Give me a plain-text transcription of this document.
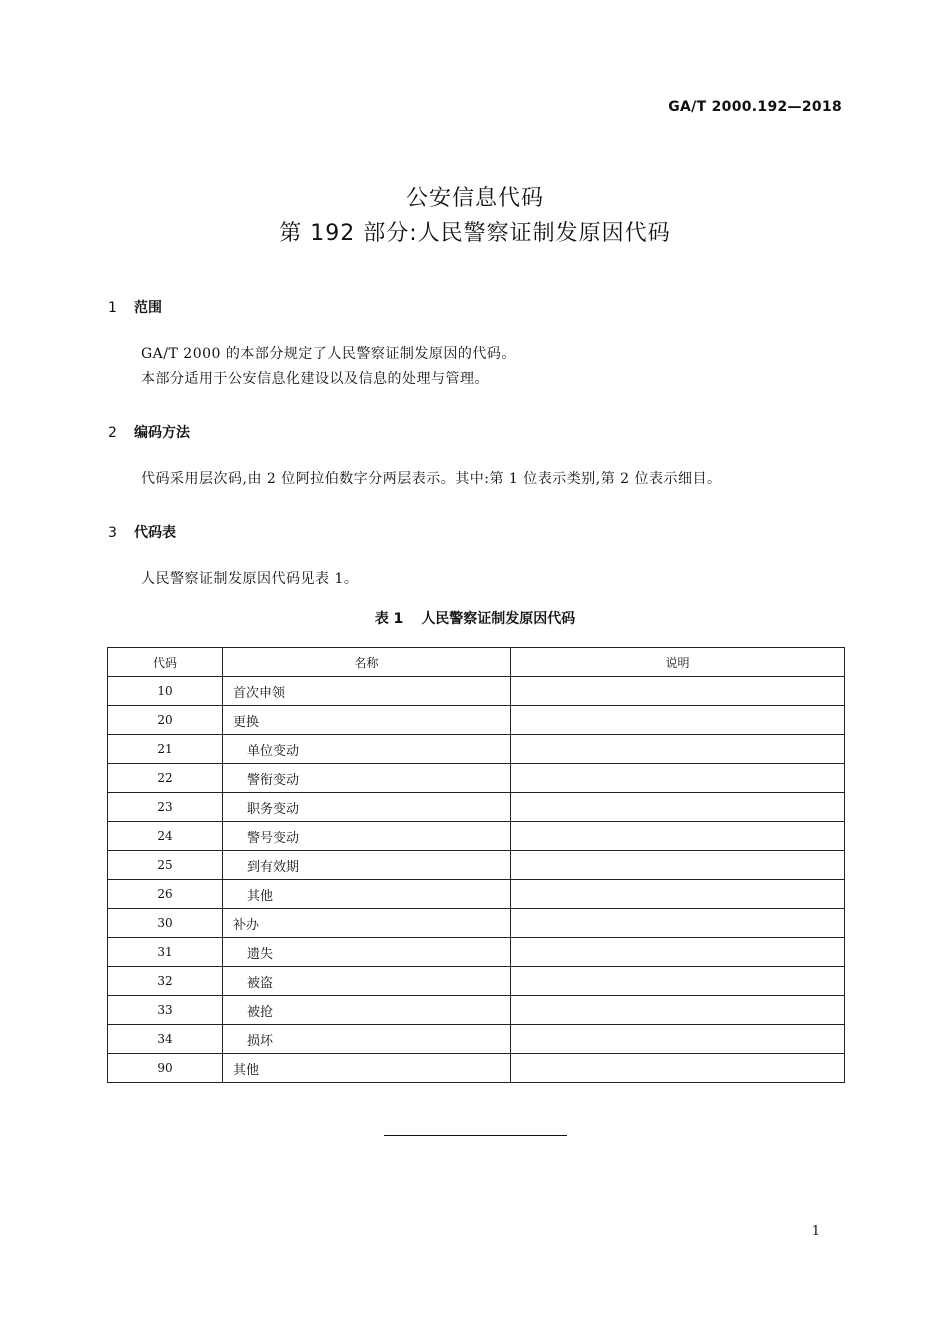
GA/T 2000.192—2018
公安信息代码
第 192 部分:人民警察证制发原因代码
1 范围
GA/T 2000 的本部分规定了人民警察证制发原因的代码。
本部分适用于公安信息化建设以及信息的处理与管理。
2 编码方法
代码采用层次码,由 2 位阿拉伯数字分两层表示。其中:第 1 位表示类别,第 2 位表示细目。
3 代码表
人民警察证制发原因代码见表 1。
表 1 人民警察证制发原因代码
代码	名称	说明
10	首次申领	
20	更换	
21	单位变动	
22	警衔变动	
23	职务变动	
24	警号变动	
25	到有效期	
26	其他	
30	补办	
31	遗失	
32	被盗	
33	被抢	
34	损坏	
90	其他	
1
